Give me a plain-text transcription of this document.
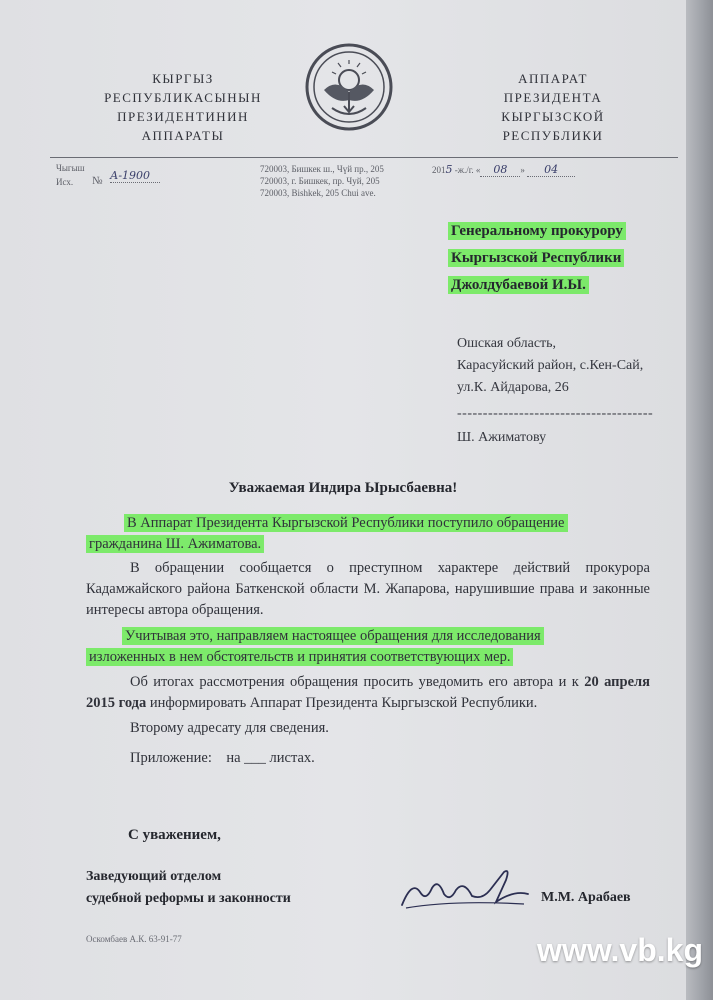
КЫРГЫЗ
РЕСПУБЛИКАСЫНЫН
ПРЕЗИДЕНТИНИН
АППАРАТЫ
АППАРАТ
ПРЕЗИДЕНТА
КЫРГЫЗСКОЙ
РЕСПУБЛИКИ
Чыгыш
Исх. № А-1900	720003, Бишкек ш., Чүй пр., 205
720003, г. Бишкек, пр. Чуй, 205
720003, Bishkek, 205 Chui ave.
2015 -ж./г. « 08 » 04
Генеральному прокурору
Кыргызской Республики
Джолдубаевой И.Ы.
Ошская область,
Карасуйский район, с.Кен-Сай,
ул.К. Айдарова, 26
--------------------------------------
Ш. Ажиматову
Уважаемая Индира Ырысбаевна!
В Аппарат Президента Кыргызской Республики поступило обращение
гражданина Ш. Ажиматова.
В обращении сообщается о преступном характере действий прокурора Кадамжайского района Баткенской области М. Жапарова, нарушившие права и законные интересы автора обращения.
Учитывая это, направляем настоящее обращения для исследования
изложенных в нем обстоятельств и принятия соответствующих мер.
Об итогах рассмотрения обращения просить уведомить его автора и к 20 апреля 2015 года информировать Аппарат Президента Кыргызской Республики.
Второму адресату для сведения.
Приложение:    на ___ листах.
С уважением,
Заведующий отделом
судебной реформы и законности	М.М. Арабаев
Оскомбаев А.К. 63-91-77	www.vb.kg
